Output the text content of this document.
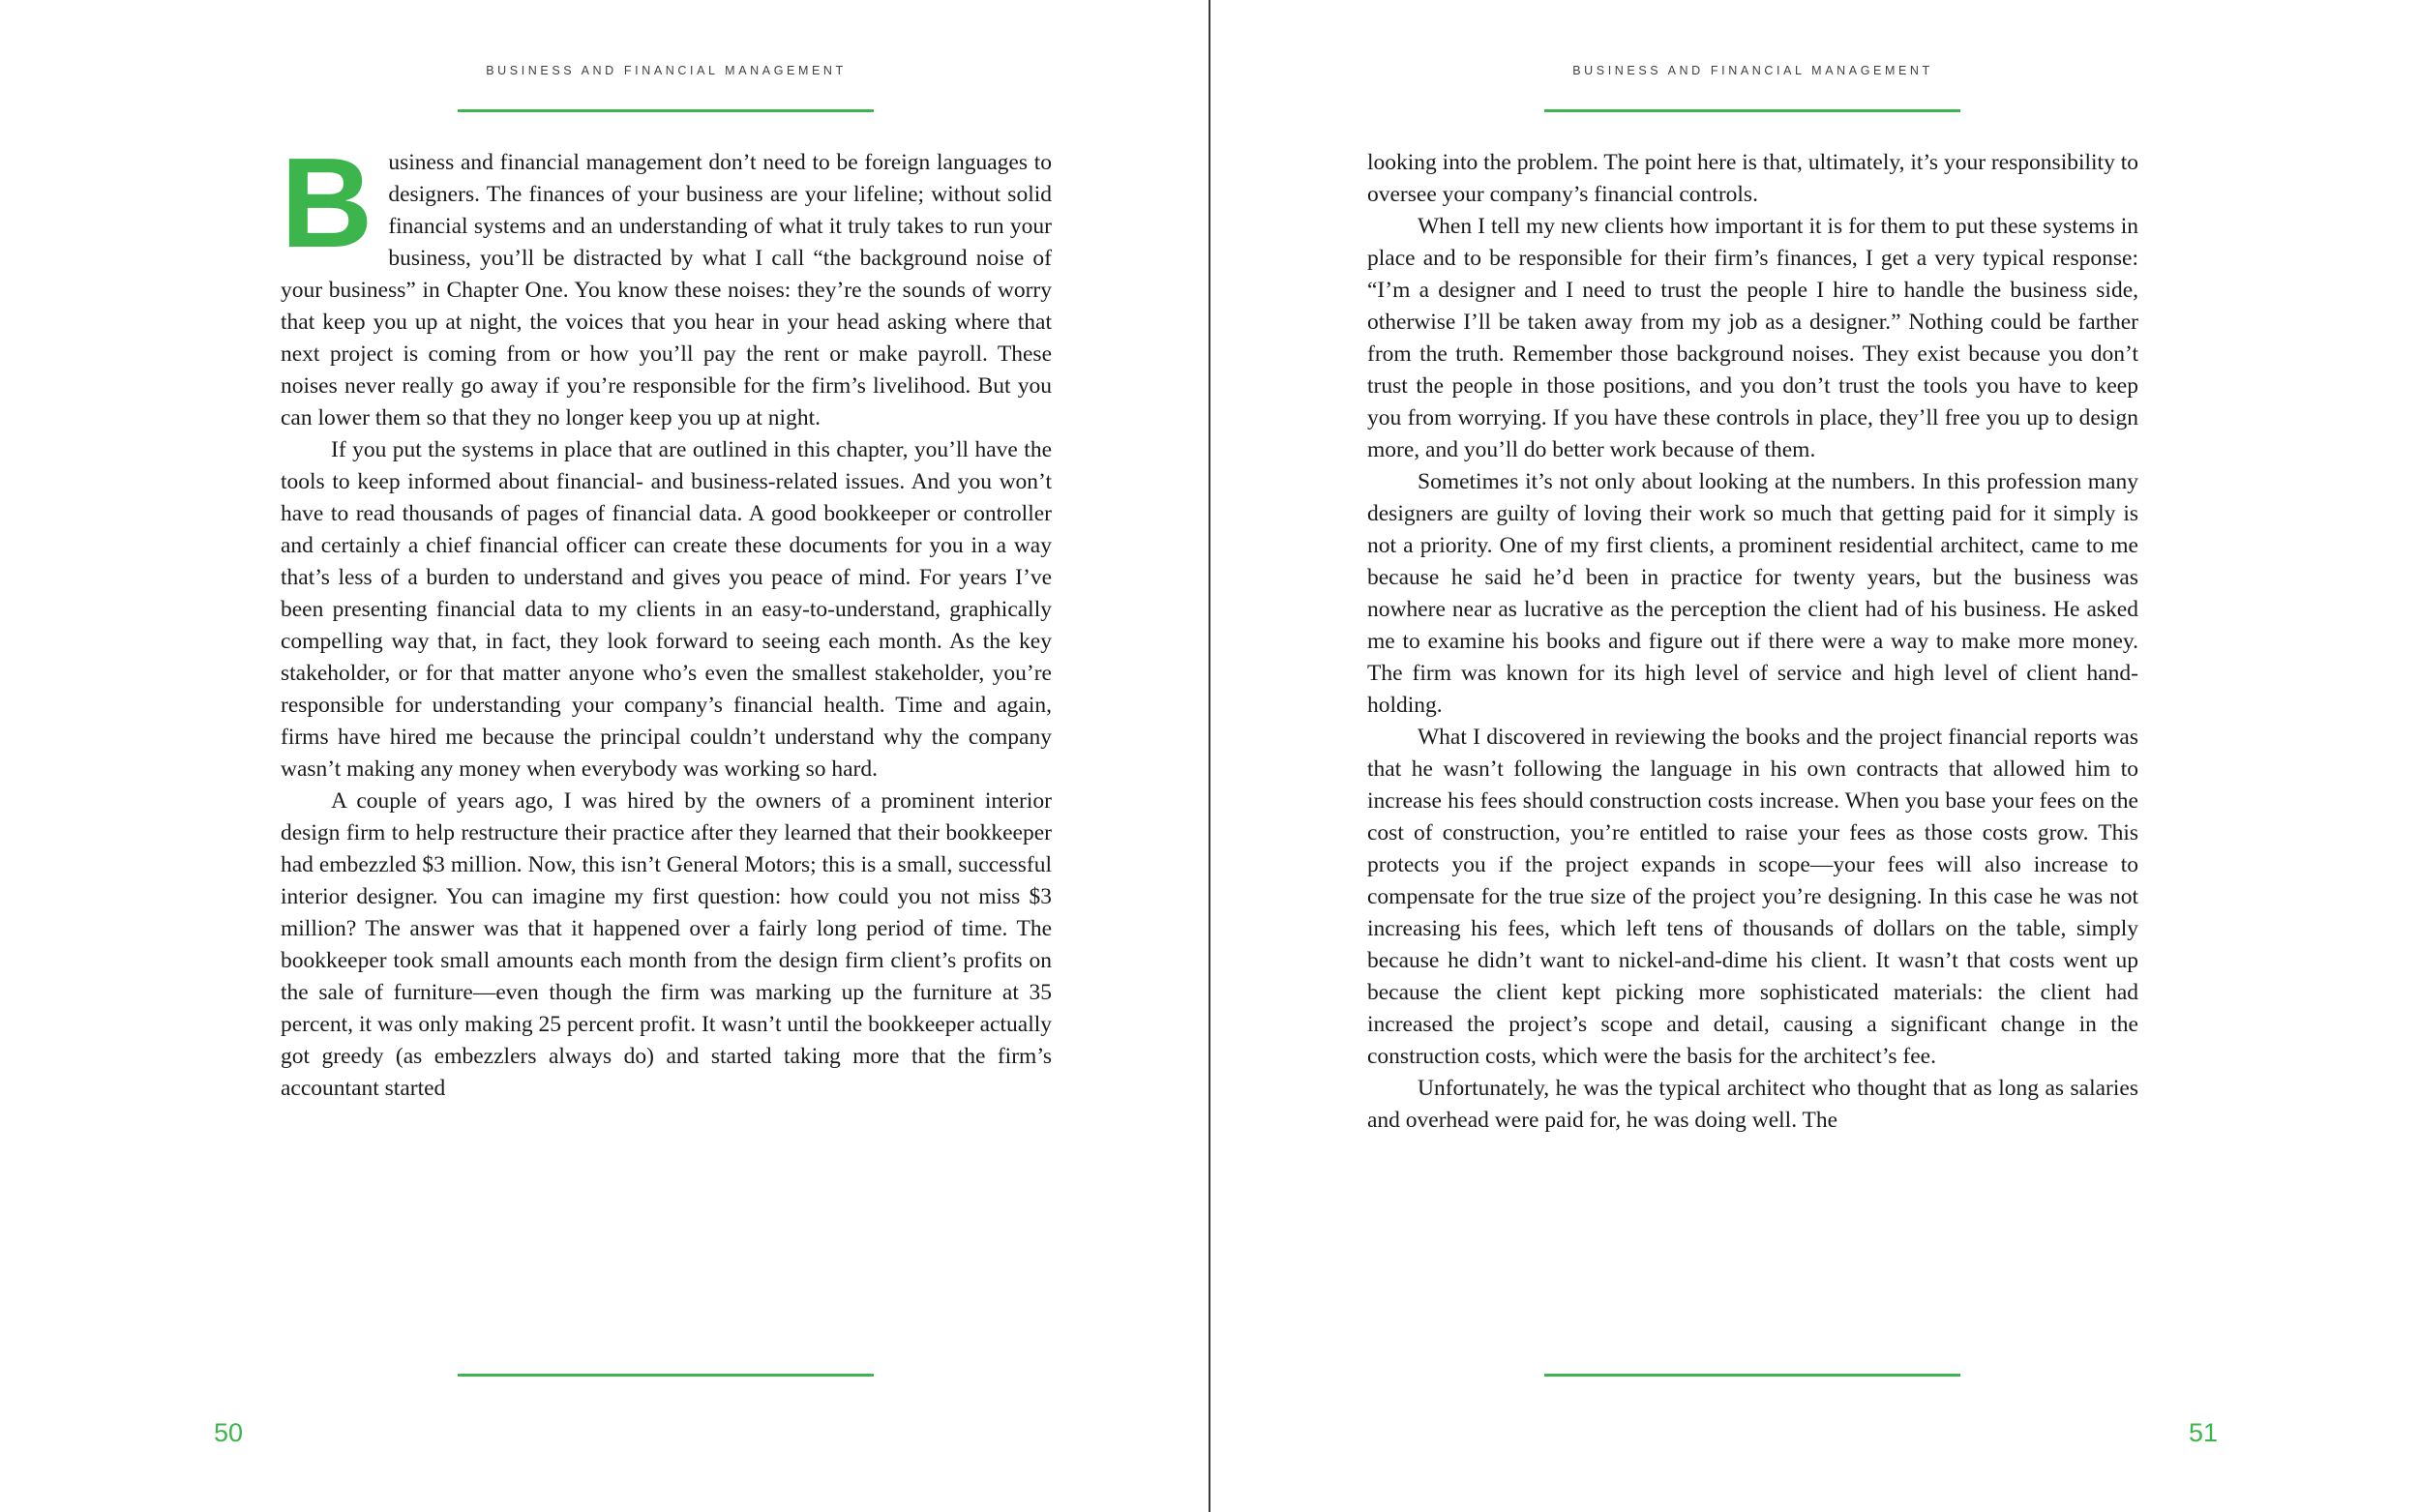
BUSINESS AND FINANCIAL MANAGEMENT

Business and financial management don’t need to be foreign languages to designers. The finances of your business are your lifeline; without solid financial systems and an understanding of what it truly takes to run your business, you’ll be distracted by what I call “the background noise of your business” in Chapter One. You know these noises: they’re the sounds of worry that keep you up at night, the voices that you hear in your head asking where that next project is coming from or how you’ll pay the rent or make payroll. These noises never really go away if you’re responsible for the firm’s livelihood. But you can lower them so that they no longer keep you up at night.

If you put the systems in place that are outlined in this chapter, you’ll have the tools to keep informed about financial- and business-related issues. And you won’t have to read thousands of pages of financial data. A good bookkeeper or controller and certainly a chief financial officer can create these documents for you in a way that’s less of a burden to understand and gives you peace of mind. For years I’ve been presenting financial data to my clients in an easy-to-understand, graphically compelling way that, in fact, they look forward to seeing each month. As the key stakeholder, or for that matter anyone who’s even the smallest stakeholder, you’re responsible for understanding your company’s financial health. Time and again, firms have hired me because the principal couldn’t understand why the company wasn’t making any money when everybody was working so hard.

A couple of years ago, I was hired by the owners of a prominent interior design firm to help restructure their practice after they learned that their bookkeeper had embezzled $3 million. Now, this isn’t General Motors; this is a small, successful interior designer. You can imagine my first question: how could you not miss $3 million? The answer was that it happened over a fairly long period of time. The bookkeeper took small amounts each month from the design firm client’s profits on the sale of furniture—even though the firm was marking up the furniture at 35 percent, it was only making 25 percent profit. It wasn’t until the bookkeeper actually got greedy (as embezzlers always do) and started taking more that the firm’s accountant started

50
BUSINESS AND FINANCIAL MANAGEMENT

looking into the problem. The point here is that, ultimately, it’s your responsibility to oversee your company’s financial controls.

When I tell my new clients how important it is for them to put these systems in place and to be responsible for their firm’s finances, I get a very typical response: “I’m a designer and I need to trust the people I hire to handle the business side, otherwise I’ll be taken away from my job as a designer.” Nothing could be farther from the truth. Remember those background noises. They exist because you don’t trust the people in those positions, and you don’t trust the tools you have to keep you from worrying. If you have these controls in place, they’ll free you up to design more, and you’ll do better work because of them.

Sometimes it’s not only about looking at the numbers. In this profession many designers are guilty of loving their work so much that getting paid for it simply is not a priority. One of my first clients, a prominent residential architect, came to me because he said he’d been in practice for twenty years, but the business was nowhere near as lucrative as the perception the client had of his business. He asked me to examine his books and figure out if there were a way to make more money. The firm was known for its high level of service and high level of client hand-holding.

What I discovered in reviewing the books and the project financial reports was that he wasn’t following the language in his own contracts that allowed him to increase his fees should construction costs increase. When you base your fees on the cost of construction, you’re entitled to raise your fees as those costs grow. This protects you if the project expands in scope—your fees will also increase to compensate for the true size of the project you’re designing. In this case he was not increasing his fees, which left tens of thousands of dollars on the table, simply because he didn’t want to nickel-and-dime his client. It wasn’t that costs went up because the client kept picking more sophisticated materials: the client had increased the project’s scope and detail, causing a significant change in the construction costs, which were the basis for the architect’s fee.

Unfortunately, he was the typical architect who thought that as long as salaries and overhead were paid for, he was doing well. The

51
